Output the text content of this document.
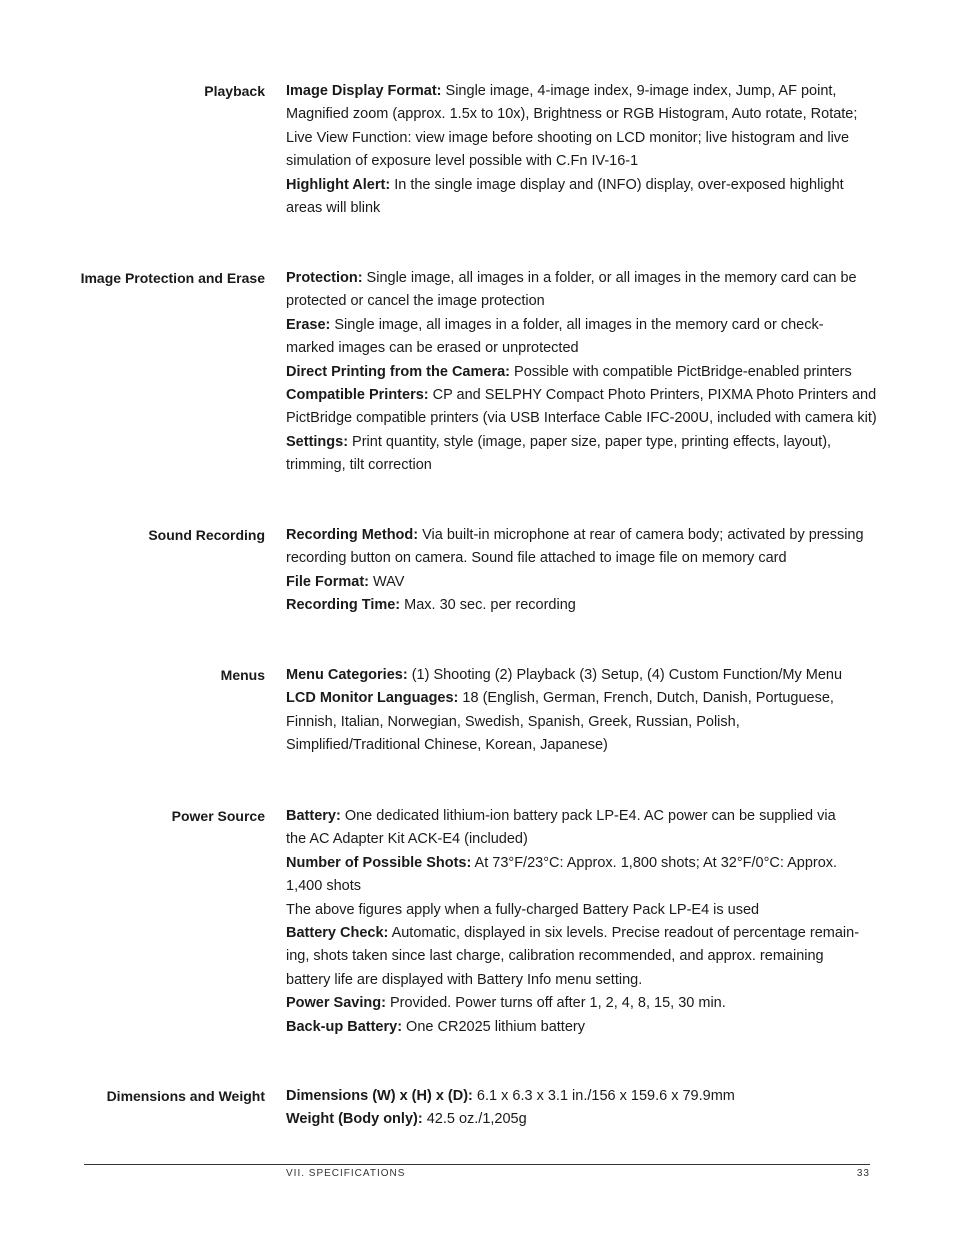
Playback Image Display Format: Single image, 4-image index, 9-image index, Jump, AF point,
Magnified zoom (approx. 1.5x to 10x), Brightness or RGB Histogram, Auto rotate, Rotate;
Live View Function: view image before shooting on LCD monitor; live histogram and live
simulation of exposure level possible with C.Fn IV-16-1
Highlight Alert: In the single image display and (INFO) display, over-exposed highlight
areas will blink
Image Protection and Erase Protection: Single image, all images in a folder, or all images in the memory card can be
protected or cancel the image protection
Erase: Single image, all images in a folder, all images in the memory card or check-
marked images can be erased or unprotected
Direct Printing from the Camera: Possible with compatible PictBridge-enabled printers
Compatible Printers: CP and SELPHY Compact Photo Printers, PIXMA Photo Printers and
PictBridge compatible printers (via USB Interface Cable IFC-200U, included with camera kit)
Settings: Print quantity, style (image, paper size, paper type, printing effects, layout),
trimming, tilt correction
Sound Recording Recording Method: Via built-in microphone at rear of camera body; activated by pressing
recording button on camera. Sound file attached to image file on memory card
File Format: WAV
Recording Time: Max. 30 sec. per recording
Menus Menu Categories: (1) Shooting (2) Playback (3) Setup, (4) Custom Function/My Menu
LCD Monitor Languages: 18 (English, German, French, Dutch, Danish, Portuguese,
Finnish, Italian, Norwegian, Swedish, Spanish, Greek, Russian, Polish,
Simplified/Traditional Chinese, Korean, Japanese)
Power Source Battery: One dedicated lithium-ion battery pack LP-E4. AC power can be supplied via
the AC Adapter Kit ACK-E4 (included)
Number of Possible Shots: At 73°F/23°C: Approx. 1,800 shots; At 32°F/0°C: Approx.
1,400 shots
The above figures apply when a fully-charged Battery Pack LP-E4 is used
Battery Check: Automatic, displayed in six levels. Precise readout of percentage remain-
ing, shots taken since last charge, calibration recommended, and approx. remaining
battery life are displayed with Battery Info menu setting.
Power Saving: Provided. Power turns off after 1, 2, 4, 8, 15, 30 min.
Back-up Battery: One CR2025 lithium battery
Dimensions and Weight Dimensions (W) x (H) x (D): 6.1 x 6.3 x 3.1 in./156 x 159.6 x 79.9mm
Weight (Body only): 42.5 oz./1,205g
VII. SPECIFICATIONS	33
